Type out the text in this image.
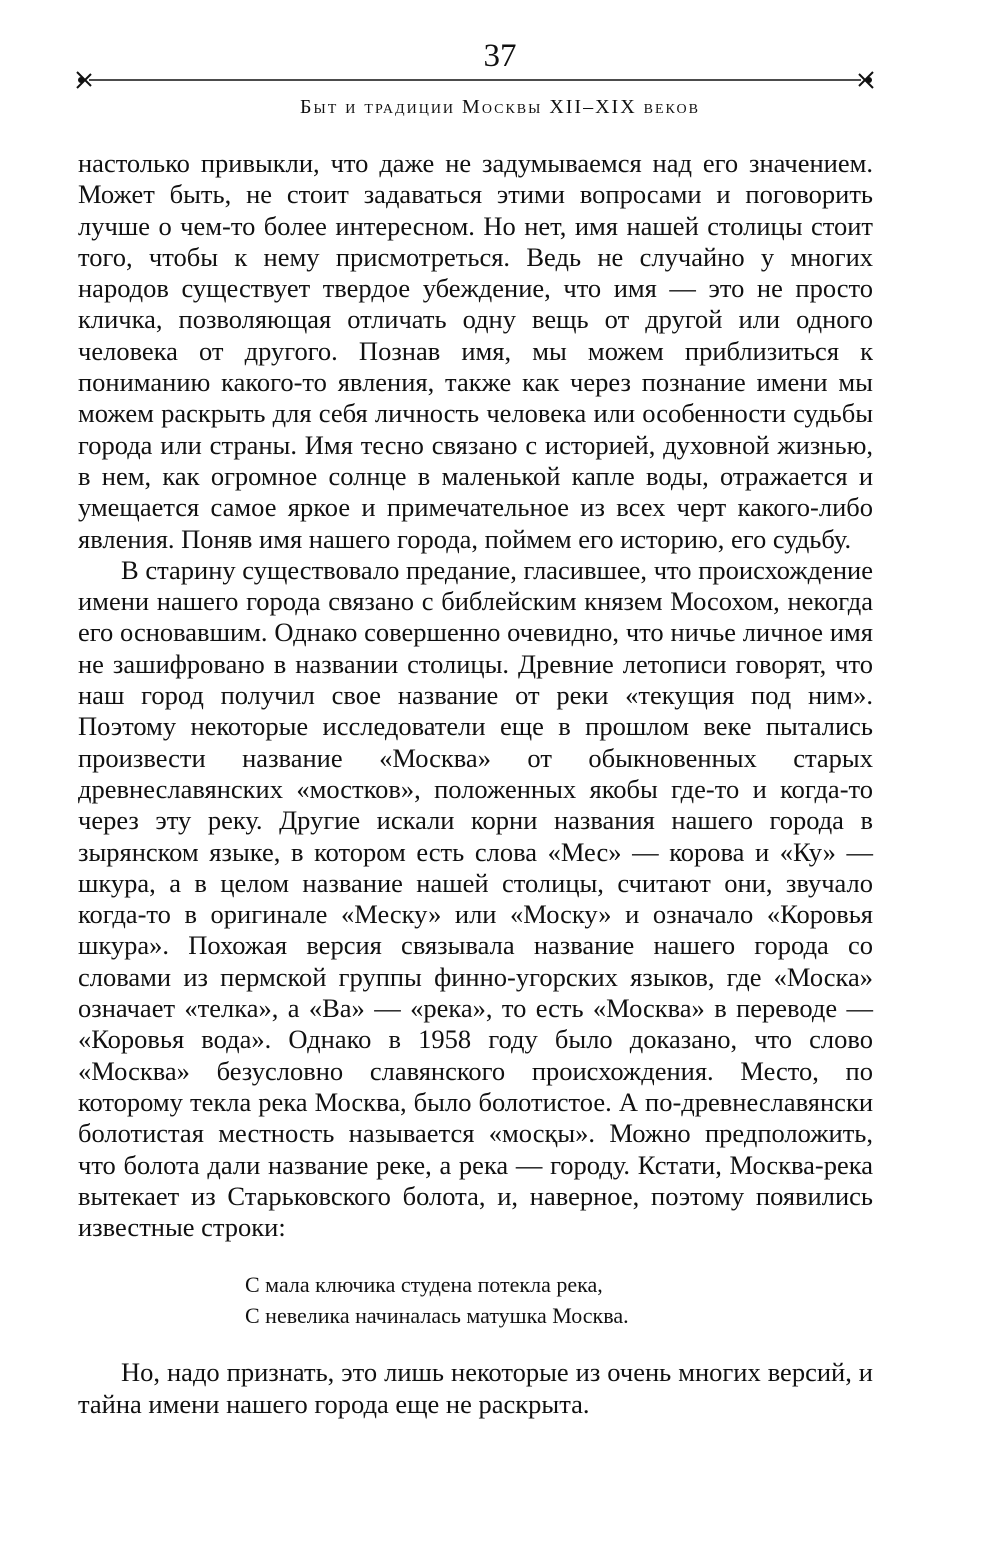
37
Быт и традиции Москвы XII–XIX веков

настолько привыкли, что даже не задумываемся над его значением. Может быть, не стоит задаваться этими вопросами и поговорить лучше о чем-то более интересном. Но нет, имя нашей столицы стоит того, чтобы к нему присмотреться. Ведь не случайно у многих народов существует твердое убеждение, что имя — это не просто кличка, позволяющая отличать одну вещь от другой или одного человека от другого. Познав имя, мы можем приблизиться к пониманию какого-то явления, также как через познание имени мы можем раскрыть для себя личность человека или особенности судьбы города или страны. Имя тесно связано с историей, духовной жизнью, в нем, как огромное солнце в маленькой капле воды, отражается и умещается самое яркое и примечательное из всех черт какого-либо явления. Поняв имя нашего города, поймем его историю, его судьбу.

В старину существовало предание, гласившее, что происхождение имени нашего города связано с библейским князем Мосохом, некогда его основавшим. Однако совершенно очевидно, что ничье личное имя не зашифровано в названии столицы. Древние летописи говорят, что наш город получил свое название от реки «текущия под ним». Поэтому некоторые исследователи еще в прошлом веке пытались произвести название «Москва» от обыкновенных старых древнеславянских «мостков», положенных якобы где-то и когда-то через эту реку. Другие искали корни названия нашего города в зырянском языке, в котором есть слова «Мес» — корова и «Ку» — шкура, а в целом название нашей столицы, считают они, звучало когда-то в оригинале «Меску» или «Моску» и означало «Коровья шкура». Похожая версия связывала название нашего города со словами из пермской группы финно-угорских языков, где «Моска» означает «телка», а «Ва» — «река», то есть «Москва» в переводе — «Коровья вода». Однако в 1958 году было доказано, что слово «Москва» безусловно славянского происхождения. Место, по которому текла река Москва, было болотистое. А по-древнеславянски болотистая местность называется «мосқы». Можно предположить, что болота дали название реке, а река — городу. Кстати, Москва-река вытекает из Старьковского болота, и, наверное, поэтому появились известные строки:

С мала ключика студена потекла река,
С невелика начиналась матушка Москва.

Но, надо признать, это лишь некоторые из очень многих версий, и тайна имени нашего города еще не раскрыта.
